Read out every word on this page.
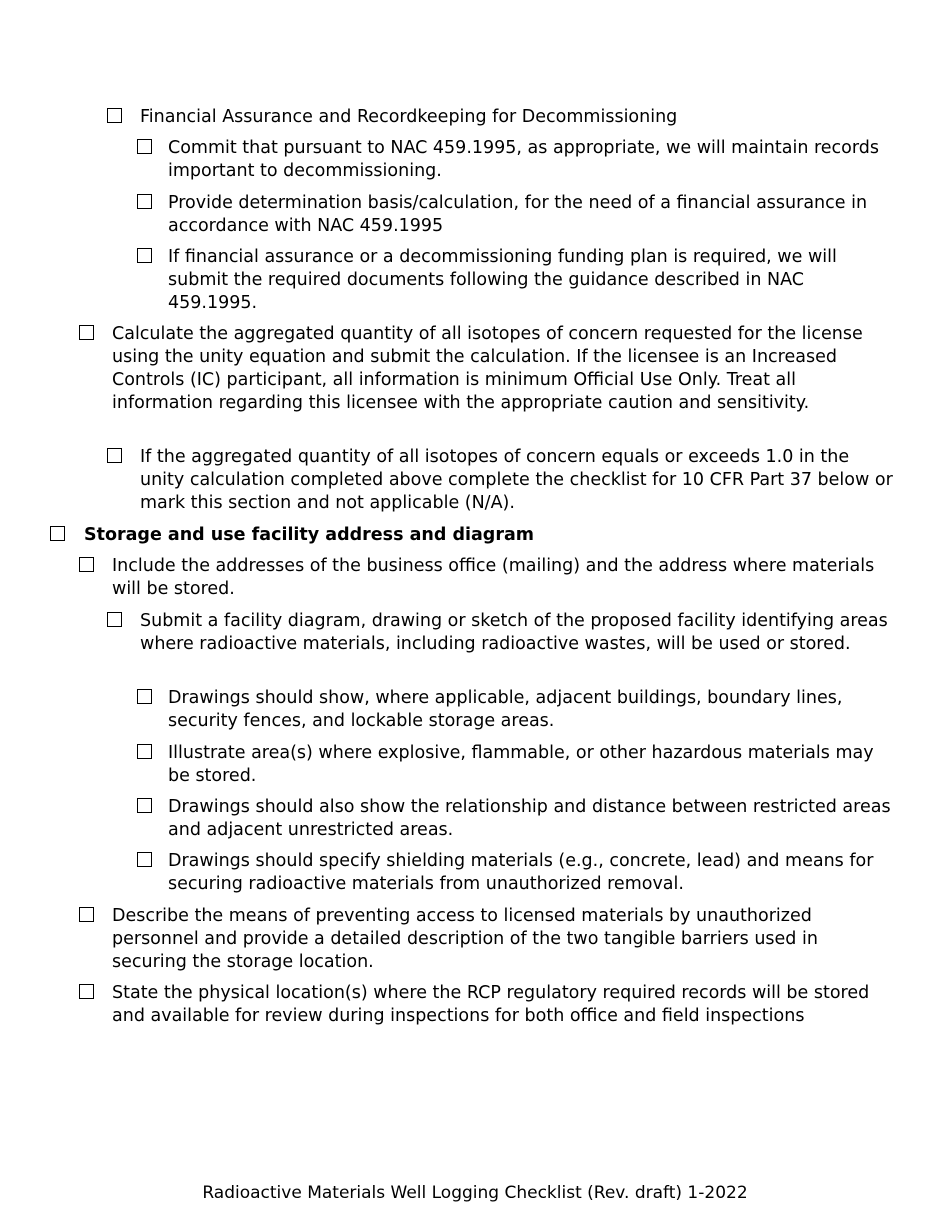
Financial Assurance and Recordkeeping for Decommissioning
Commit that pursuant to NAC 459.1995, as appropriate, we will maintain records important to decommissioning.
Provide determination basis/calculation, for the need of a financial assurance in accordance with NAC 459.1995
If financial assurance or a decommissioning funding plan is required, we will submit the required documents following the guidance described in NAC 459.1995.
Calculate the aggregated quantity of all isotopes of concern requested for the license using the unity equation and submit the calculation. If the licensee is an Increased Controls (IC) participant, all information is minimum Official Use Only. Treat all information regarding this licensee with the appropriate caution and sensitivity.
If the aggregated quantity of all isotopes of concern equals or exceeds 1.0 in the unity calculation completed above complete the checklist for 10 CFR Part 37 below or mark this section and not applicable (N/A).
Storage and use facility address and diagram
Include the addresses of the business office (mailing) and the address where materials will be stored.
Submit a facility diagram, drawing or sketch of the proposed facility identifying areas where radioactive materials, including radioactive wastes, will be used or stored.
Drawings should show, where applicable, adjacent buildings, boundary lines, security fences, and lockable storage areas.
Illustrate area(s) where explosive, flammable, or other hazardous materials may be stored.
Drawings should also show the relationship and distance between restricted areas and adjacent unrestricted areas.
Drawings should specify shielding materials (e.g., concrete, lead) and means for securing radioactive materials from unauthorized removal.
Describe the means of preventing access to licensed materials by unauthorized personnel and provide a detailed description of the two tangible barriers used in securing the storage location.
State the physical location(s) where the RCP regulatory required records will be stored and available for review during inspections for both office and field inspections
Radioactive Materials Well Logging Checklist (Rev. draft) 1-2022
